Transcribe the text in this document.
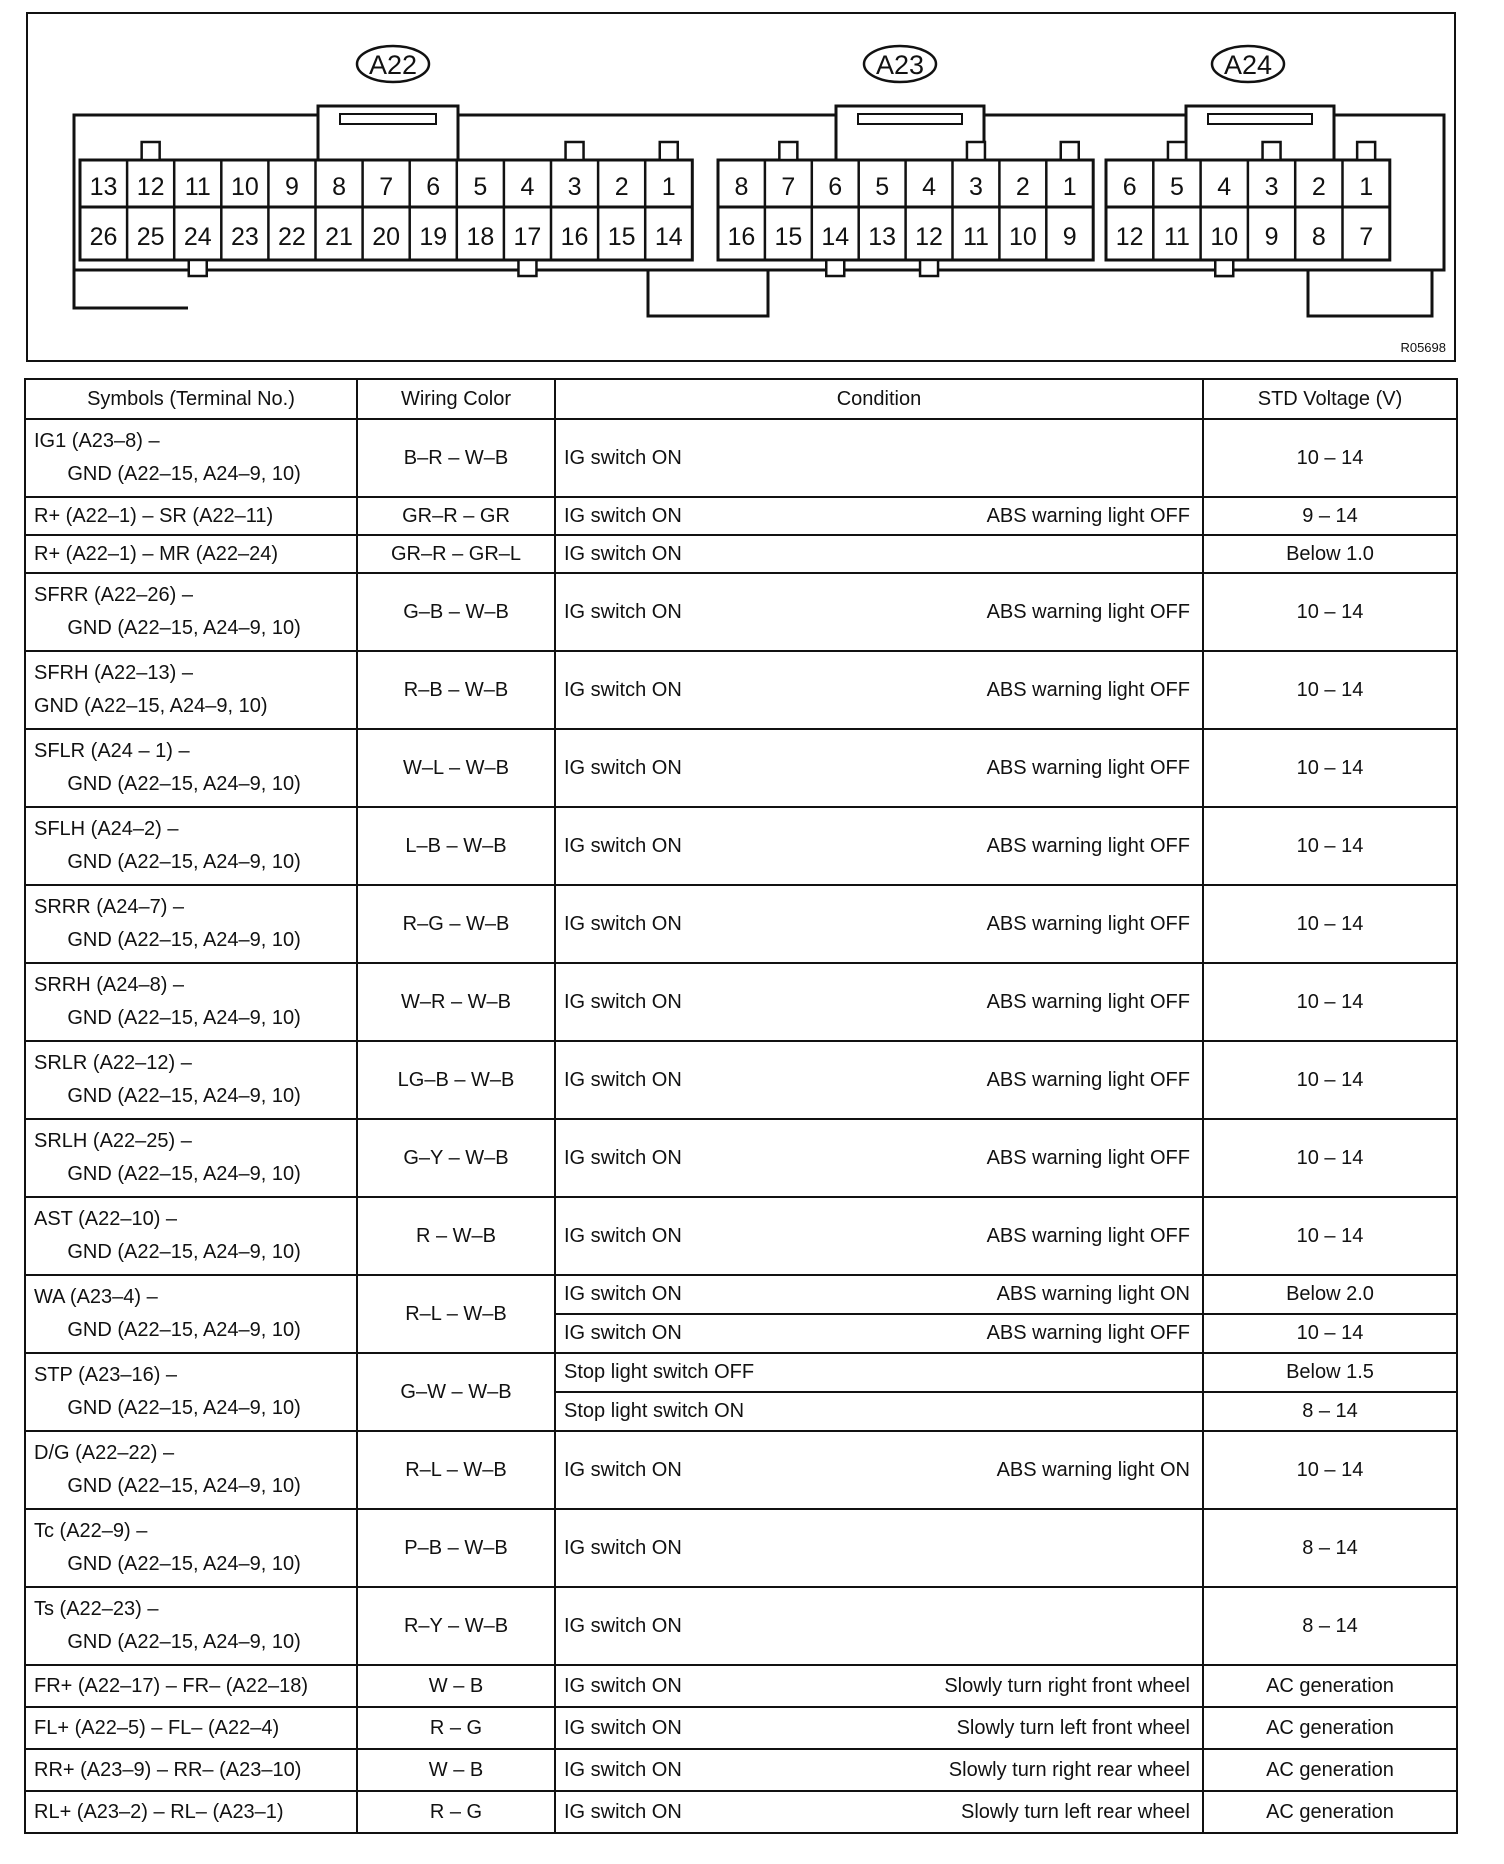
A22
13
26
12
25
11
24
10
23
9
22
8
21
7
20
6
19
5
18
4
17
3
16
2
15
1
14
A23
8
16
7
15
6
14
5
13
4
12
3
11
2
10
1
9
A24
6
12
5
11
4
10
3
9
2
8
1
7
R05698
Symbols (Terminal No.)	Wiring Color	Condition	STD Voltage (V)
IG1 (A23–8) –
GND (A22–15, A24–9, 10)	B–R – W–B	IG switch ON	10 – 14
R+ (A22–1) – SR (A22–11)	GR–R – GR	IG switch ON ABS warning light OFF	9 – 14
R+ (A22–1) – MR (A22–24)	GR–R – GR–L	IG switch ON	Below 1.0
SFRR (A22–26) –
GND (A22–15, A24–9, 10)	G–B – W–B	IG switch ON ABS warning light OFF	10 – 14
SFRH (A22–13) –
GND (A22–15, A24–9, 10)	R–B – W–B	IG switch ON ABS warning light OFF	10 – 14
SFLR (A24 – 1) –
GND (A22–15, A24–9, 10)	W–L – W–B	IG switch ON ABS warning light OFF	10 – 14
SFLH (A24–2) –
GND (A22–15, A24–9, 10)	L–B – W–B	IG switch ON ABS warning light OFF	10 – 14
SRRR (A24–7) –
GND (A22–15, A24–9, 10)	R–G – W–B	IG switch ON ABS warning light OFF	10 – 14
SRRH (A24–8) –
GND (A22–15, A24–9, 10)	W–R – W–B	IG switch ON ABS warning light OFF	10 – 14
SRLR (A22–12) –
GND (A22–15, A24–9, 10)	LG–B – W–B	IG switch ON ABS warning light OFF	10 – 14
SRLH (A22–25) –
GND (A22–15, A24–9, 10)	G–Y – W–B	IG switch ON ABS warning light OFF	10 – 14
AST (A22–10) –
GND (A22–15, A24–9, 10)	R – W–B	IG switch ON ABS warning light OFF	10 – 14
WA (A23–4) –
GND (A22–15, A24–9, 10)	R–L – W–B	IG switch ON ABS warning light ON	Below 2.0

		IG switch ON ABS warning light OFF	10 – 14
STP (A23–16) –
GND (A22–15, A24–9, 10)	G–W – W–B	Stop light switch OFF	Below 1.5

		Stop light switch ON	8 – 14
D/G (A22–22) –
GND (A22–15, A24–9, 10)	R–L – W–B	IG switch ON ABS warning light ON	10 – 14
Tc (A22–9) –
GND (A22–15, A24–9, 10)	P–B – W–B	IG switch ON	8 – 14
Ts (A22–23) –
GND (A22–15, A24–9, 10)	R–Y – W–B	IG switch ON	8 – 14
FR+ (A22–17) – FR– (A22–18)	W – B	IG switch ON Slowly turn right front wheel	AC generation
FL+ (A22–5) – FL– (A22–4)	R – G	IG switch ON Slowly turn left front wheel	AC generation
RR+ (A23–9) – RR– (A23–10)	W – B	IG switch ON Slowly turn right rear wheel	AC generation
RL+ (A23–2) – RL– (A23–1)	R – G	IG switch ON Slowly turn left rear wheel	AC generation
